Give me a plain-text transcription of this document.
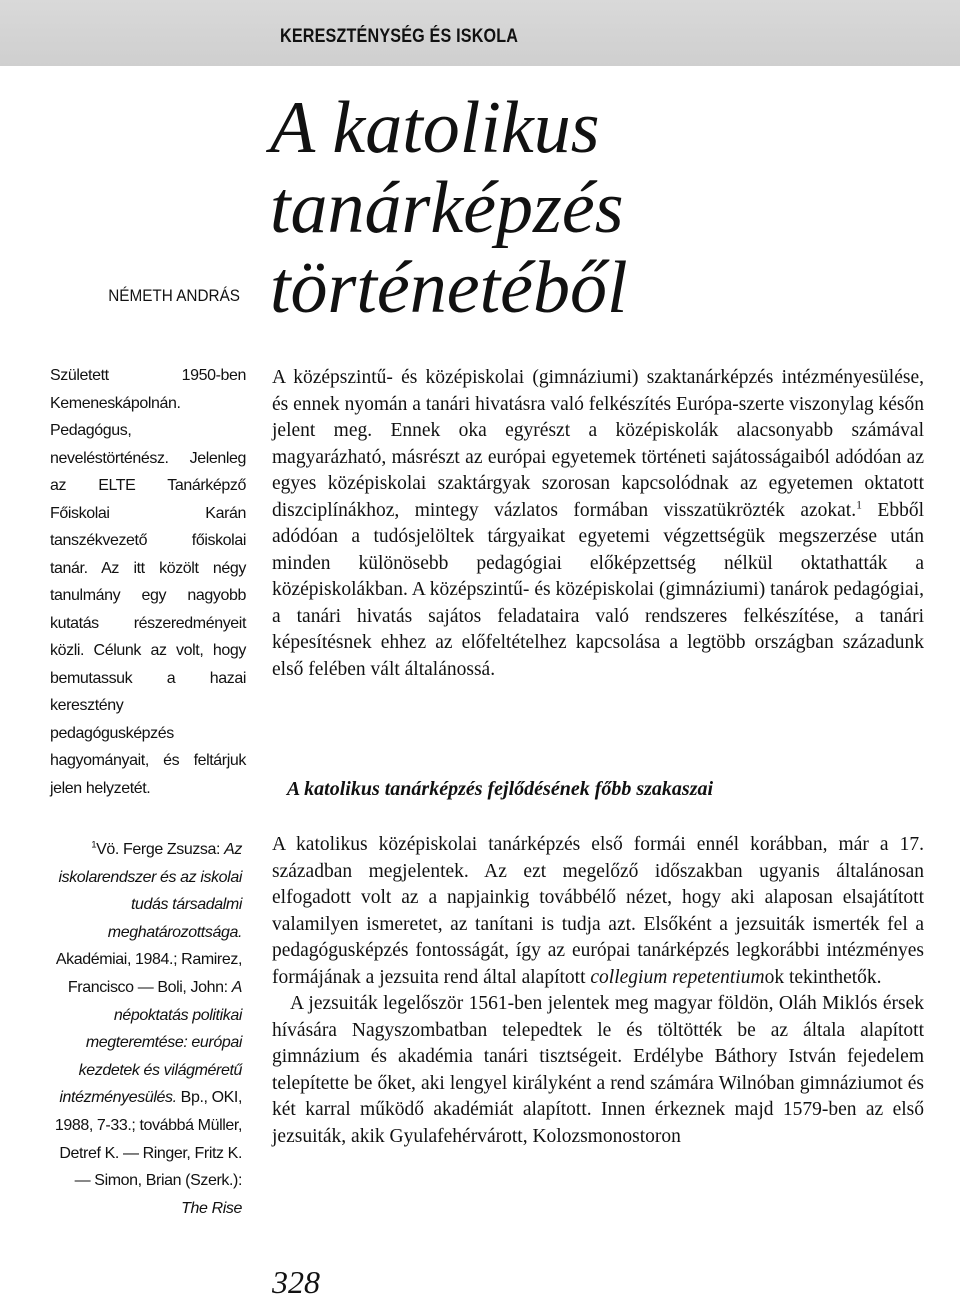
KERESZTÉNYSÉG ÉS ISKOLA
A katolikus
tanárképzés
történetéből
NÉMETH ANDRÁS
Született 1950-ben Kemeneskápolnán. Pedagógus, neveléstörténész. Jelenleg az ELTE Tanárképző Főiskolai Karán tanszékvezető főiskolai tanár. Az itt közölt négy tanulmány egy nagyobb kutatás részeredményeit közli. Célunk az volt, hogy bemutassuk a hazai keresztény pedagógusképzés hagyományait, és feltárjuk jelen helyzetét.

A középszintű- és középiskolai (gimnáziumi) szaktanárképzés intézményesülése, és ennek nyomán a tanári hivatásra való felkészítés Európa-szerte viszonylag későn jelent meg. Ennek oka egyrészt a középiskolák alacsonyabb számával magyarázható, másrészt az európai egyetemek történeti sajátosságaiból adódóan az egyes középiskolai szaktárgyak szorosan kapcsolódnak az egyetemen oktatott diszciplínákhoz, mintegy vázlatos formában visszatükrözték azokat.$^1$ Ebből adódóan a tudósjelöltek tárgyaikat egyetemi végzettségük megszerzése után minden különösebb pedagógiai előképzettség nélkül oktathatták a középiskolákban. A középszintű- és középiskolai (gimnáziumi) tanárok pedagógiai, a tanári hivatás sajátos feladataira való rendszeres felkészítése, a tanári képesítésnek ehhez az előfeltételhez kapcsolása a legtöbb országban századunk első felében vált általánossá.

A katolikus tanárképzés fejlődésének főbb szakaszai
$^1$Vö. Ferge Zsuzsa: Az iskolarendszer és az iskolai tudás társadalmi meghatározottsága. Akadémiai, 1984.; Ramirez, Francisco — Boli, John: A népoktatás politikai megteremtése: európai kezdetek és világméretű intézményesülés. Bp., OKI, 1988, 7-33.; továbbá Müller, Detref K. — Ringer, Fritz K. — Simon, Brian (Szerk.): The Rise

A katolikus középiskolai tanárképzés első formái ennél korábban, már a 17. században megjelentek. Az ezt megelőző időszakban ugyanis általánosan elfogadott volt az a napjainkig továbbélő nézet, hogy aki alaposan elsajátított valamilyen ismeretet, az tanítani is tudja azt. Elsőként a jezsuiták ismerték fel a pedagógusképzés fontosságát, így az európai tanárképzés legkorábbi intézményes formájának a jezsuita rend által alapított collegium repetentiumok tekinthetők.

A jezsuiták legelőször 1561-ben jelentek meg magyar földön, Oláh Miklós érsek hívására Nagyszombatban telepedtek le és töltötték be az általa alapított gimnázium és akadémia tanári tisztségeit. Erdélybe Báthory István fejedelem telepítette be őket, aki lengyel királyként a rend számára Wilnóban gimnáziumot és két karral működő akadémiát alapított. Innen érkeznek majd 1579-ben az első jezsuiták, akik Gyulafehérvárott, Kolozsmonostoron

328
